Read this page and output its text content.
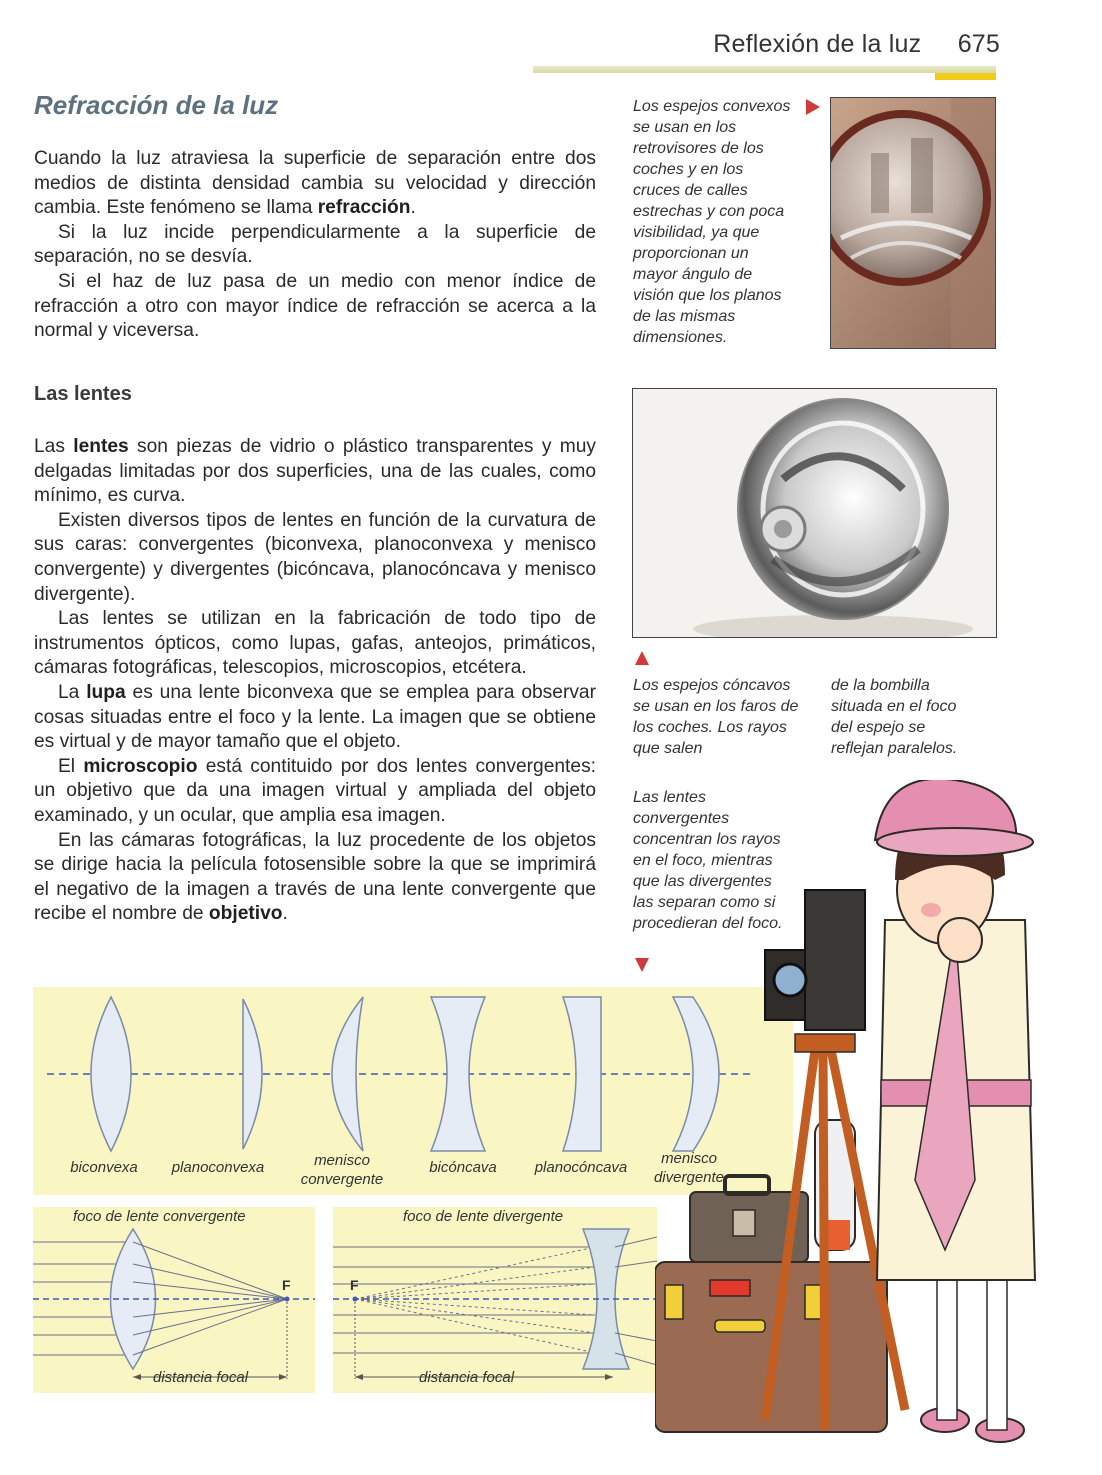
Reflexión de la luz 675
Refracción de la luz

Cuando la luz atraviesa la superficie de separación entre dos medios de distinta densidad cambia su velocidad y dirección cambia. Este fenómeno se llama refracción.

Si la luz incide perpendicularmente a la superficie de separación, no se desvía.

Si el haz de luz pasa de un medio con menor índice de refracción a otro con mayor índice de refracción se acerca a la normal y viceversa.

Las lentes

Las lentes son piezas de vidrio o plástico transparentes y muy delgadas limitadas por dos superficies, una de las cuales, como mínimo, es curva.

Existen diversos tipos de lentes en función de la curvatura de sus caras: convergentes (biconvexa, planoconvexa y menisco convergente) y divergentes (bicóncava, planocóncava y menisco divergente).

Las lentes se utilizan en la fabricación de todo tipo de instrumentos ópticos, como lupas, gafas, anteojos, primáticos, cámaras fotográficas, telescopios, microscopios, etcétera.

La lupa es una lente biconvexa que se emplea para observar cosas situadas entre el foco y la lente. La imagen que se obtiene es virtual y de mayor tamaño que el objeto.

El microscopio está contituido por dos lentes convergentes: un objetivo que da una imagen virtual y ampliada del objeto examinado, y un ocular, que amplia esa imagen.

En las cámaras fotográficas, la luz procedente de los objetos se dirige hacia la película fotosensible sobre la que se imprimirá el negativo de la imagen a través de una lente convergente que recibe el nombre de objetivo.

Los espejos convexos se usan en los retrovisores de los coches y en los cruces de calles estrechas y con poca visibilidad, ya que proporcionan un mayor ángulo de visión que los planos de las mismas dimensiones.
Los espejos cóncavos se usan en los faros de los coches. Los rayos que salen
de la bombilla situada en el foco del espejo se reflejan paralelos.
Las lentes convergentes concentran los rayos en el foco, mientras que las divergentes las separan como si procedieran del foco.
biconvexa	planoconvexa	menisco
convergente
bicóncava	planocóncava
menisco
divergente
foco de lente convergente
F
distancia focal
foco de lente divergente
F
distancia focal
